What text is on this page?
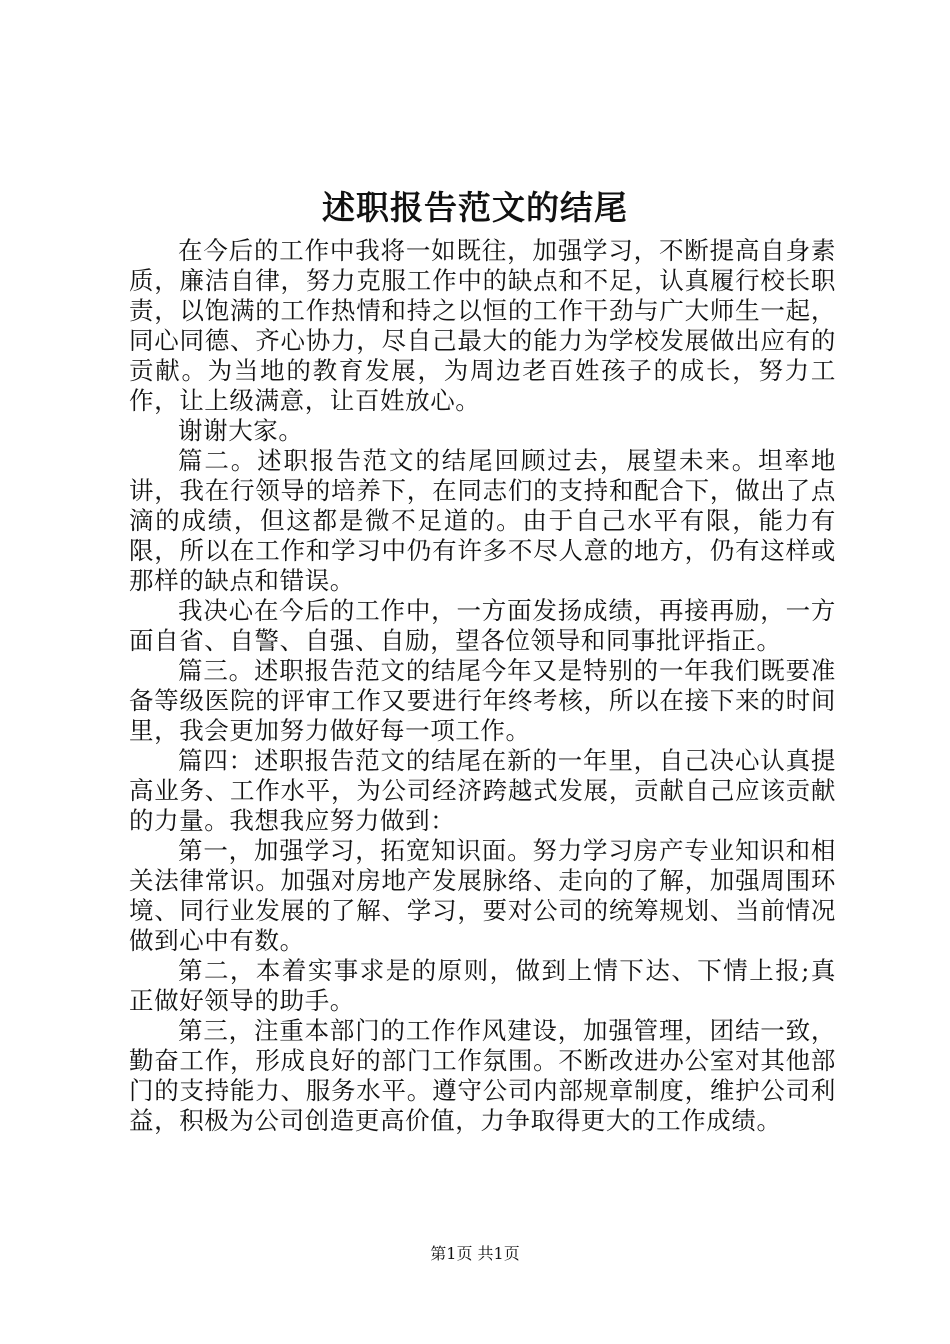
述职报告范文的结尾

在今后的工作中我将一如既往，加强学习，不断提高自身素质，廉洁自律，努力克服工作中的缺点和不足，认真履行校长职责，以饱满的工作热情和持之以恒的工作干劲与广大师生一起，同心同德、齐心协力，尽自己最大的能力为学校发展做出应有的贡献。为当地的教育发展，为周边老百姓孩子的成长，努力工作，让上级满意，让百姓放心。

谢谢大家。

篇二。述职报告范文的结尾回顾过去，展望未来。坦率地讲，我在行领导的培养下，在同志们的支持和配合下，做出了点滴的成绩，但这都是微不足道的。由于自己水平有限，能力有限，所以在工作和学习中仍有许多不尽人意的地方，仍有这样或那样的缺点和错误。

我决心在今后的工作中，一方面发扬成绩，再接再励，一方面自省、自警、自强、自励，望各位领导和同事批评指正。

篇三。述职报告范文的结尾今年又是特别的一年我们既要准备等级医院的评审工作又要进行年终考核，所以在接下来的时间里，我会更加努力做好每一项工作。

篇四：述职报告范文的结尾在新的一年里，自己决心认真提高业务、工作水平，为公司经济跨越式发展，贡献自己应该贡献的力量。我想我应努力做到：

第一，加强学习，拓宽知识面。努力学习房产专业知识和相关法律常识。加强对房地产发展脉络、走向的了解，加强周围环境、同行业发展的了解、学习，要对公司的统筹规划、当前情况做到心中有数。

第二，本着实事求是的原则，做到上情下达、下情上报;真正做好领导的助手。

第三，注重本部门的工作作风建设，加强管理，团结一致，勤奋工作，形成良好的部门工作氛围。不断改进办公室对其他部门的支持能力、服务水平。遵守公司内部规章制度，维护公司利益，积极为公司创造更高价值，力争取得更大的工作成绩。

第1页 共1页
